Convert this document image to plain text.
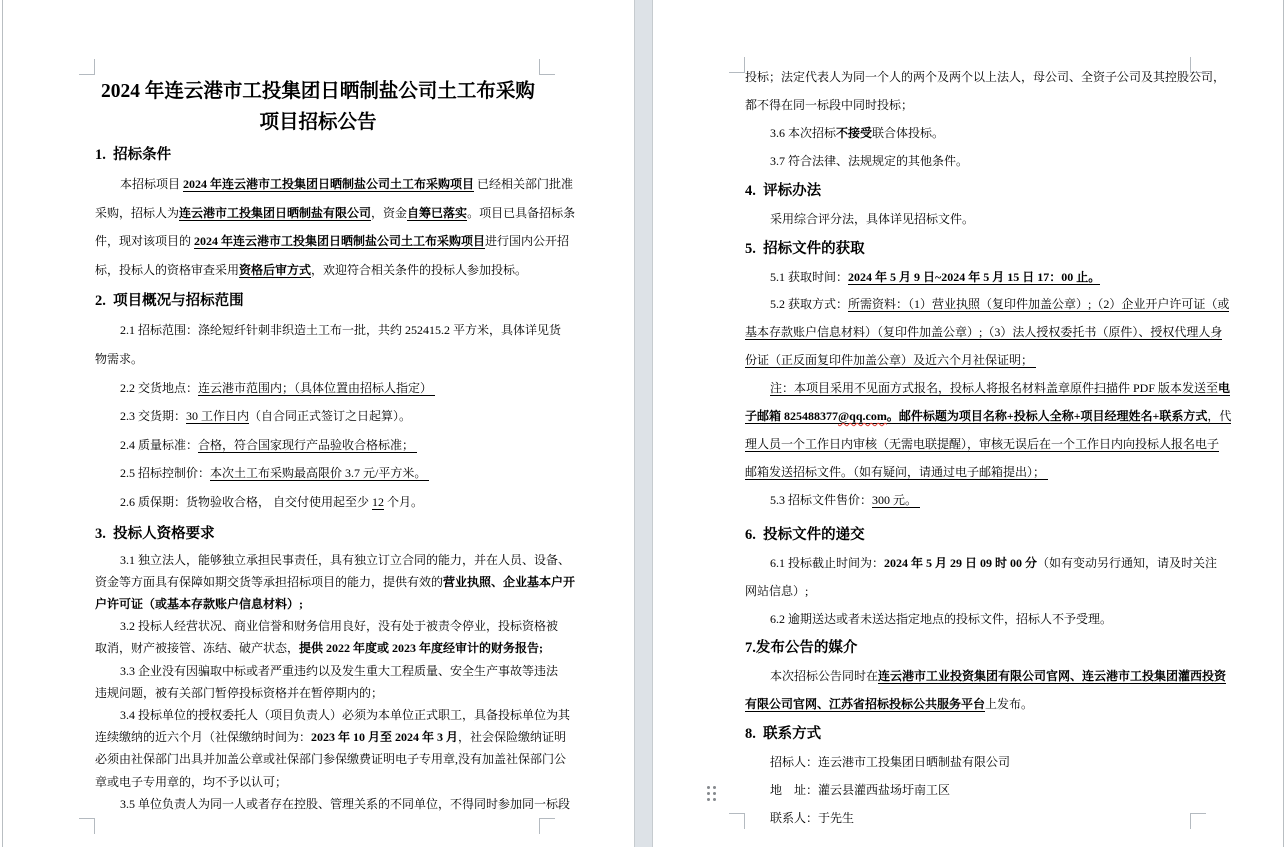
2024 年连云港市工投集团日晒制盐公司土工布采购
项目招标公告
1.  招标条件
本招标项目 2024 年连云港市工投集团日晒制盐公司土工布采购项目 已经相关部门批准
采购，招标人为连云港市工投集团日晒制盐有限公司，资金自筹已落实。项目已具备招标条
件，现对该项目的 2024 年连云港市工投集团日晒制盐公司土工布采购项目进行国内公开招
标，投标人的资格审查采用资格后审方式，欢迎符合相关条件的投标人参加投标。
2.  项目概况与招标范围
2.1 招标范围：涤纶短纤针刺非织造土工布一批，共约 252415.2 平方米，具体详见货
物需求。
2.2 交货地点：连云港市范围内；（具体位置由招标人指定）
2.3 交货期：30 工作日内（自合同正式签订之日起算）。
2.4 质量标准：合格，符合国家现行产品验收合格标准；
2.5 招标控制价：本次土工布采购最高限价 3.7 元/平方米。
2.6 质保期：货物验收合格， 自交付使用起至少 12 个月。
3.  投标人资格要求
3.1 独立法人，能够独立承担民事责任，具有独立订立合同的能力，并在人员、设备、
资金等方面具有保障如期交货等承担招标项目的能力，提供有效的营业执照、企业基本户开
户许可证（或基本存款账户信息材料）;
3.2 投标人经营状况、商业信誉和财务信用良好，没有处于被责令停业，投标资格被
取消，财产被接管、冻结、破产状态，提供 2022 年度或 2023 年度经审计的财务报告;
3.3 企业没有因骗取中标或者严重违约以及发生重大工程质量、安全生产事故等违法
违规问题，被有关部门暂停投标资格并在暂停期内的；
3.4 投标单位的授权委托人（项目负责人）必须为本单位正式职工，具备投标单位为其
连续缴纳的近六个月（社保缴纳时间为：2023 年 10 月至 2024 年 3 月，社会保险缴纳证明
必须由社保部门出具并加盖公章或社保部门参保缴费证明电子专用章,没有加盖社保部门公
章或电子专用章的，均不予以认可；
3.5 单位负责人为同一人或者存在控股、管理关系的不同单位，不得同时参加同一标段
投标；法定代表人为同一个人的两个及两个以上法人，母公司、全资子公司及其控股公司，
都不得在同一标段中同时投标；
3.6 本次招标不接受联合体投标。
3.7 符合法律、法规规定的其他条件。
4.  评标办法
采用综合评分法，具体详见招标文件。
5.  招标文件的获取
5.1 获取时间：2024 年 5 月 9 日~2024 年 5 月 15 日 17：00 止。
5.2 获取方式：所需资料：（1）营业执照（复印件加盖公章）;（2）企业开户许可证（或
基本存款账户信息材料）（复印件加盖公章）;（3）法人授权委托书（原件）、授权代理人身
份证（正反面复印件加盖公章）及近六个月社保证明；
注：本项目采用不见面方式报名，投标人将报名材料盖章原件扫描件 PDF 版本发送至电
子邮箱 825488377@qq.com。邮件标题为项目名称+投标人全称+项目经理姓名+联系方式，代
理人员一个工作日内审核（无需电联提醒），审核无误后在一个工作日内向投标人报名电子
邮箱发送招标文件。（如有疑问，请通过电子邮箱提出）；
5.3 招标文件售价：300 元。
6.  投标文件的递交
6.1 投标截止时间为：2024 年 5 月 29 日 09 时 00 分（如有变动另行通知，请及时关注
网站信息）;
6.2 逾期送达或者未送达指定地点的投标文件，招标人不予受理。
7.发布公告的媒介
本次招标公告同时在连云港市工业投资集团有限公司官网、连云港市工投集团灌西投资
有限公司官网、江苏省招标投标公共服务平台上发布。
8.  联系方式
招标人：连云港市工投集团日晒制盐有限公司
地　址：灌云县灌西盐场圩南工区
联系人：于先生
